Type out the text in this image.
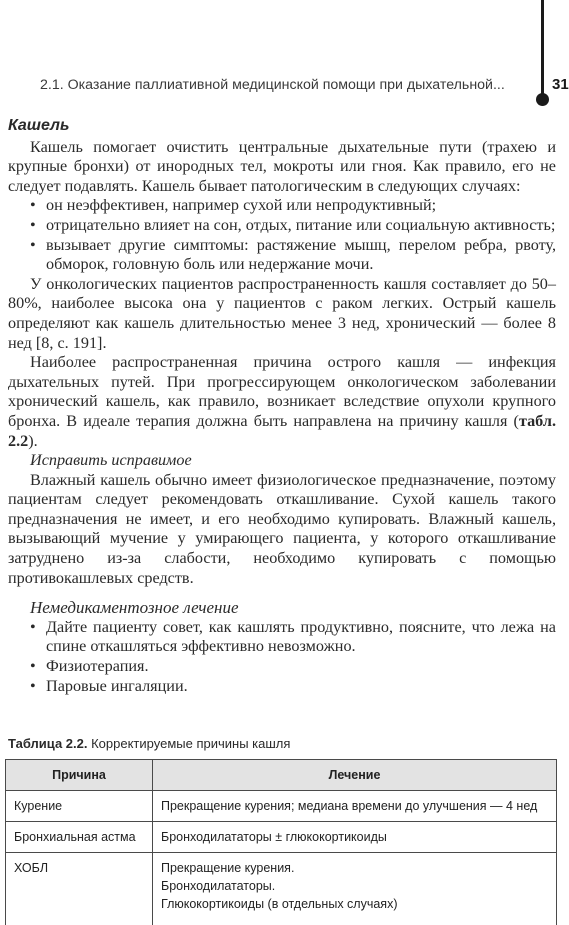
2.1. Оказание паллиативной медицинской помощи при дыхательной...	31
Кашель

Кашель помогает очистить центральные дыхательные пути (трахею и крупные бронхи) от инородных тел, мокроты или гноя. Как правило, его не следует подавлять. Кашель бывает патологическим в следующих случаях:

• он неэффективен, например сухой или непродуктивный;
• отрицательно влияет на сон, отдых, питание или социальную активность;
• вызывает другие симптомы: растяжение мышц, перелом ребра, рвоту, обморок, головную боль или недержание мочи.

У онкологических пациентов распространенность кашля составляет до 50–80%, наиболее высока она у пациентов с раком легких. Острый кашель определяют как кашель длительностью менее 3 нед, хронический — более 8 нед [8, с. 191].

Наиболее распространенная причина острого кашля — инфекция дыхательных путей. При прогрессирующем онкологическом заболевании хронический кашель, как правило, возникает вследствие опухоли крупного бронха. В идеале терапия должна быть направлена на причину кашля (табл. 2.2).

Исправить исправимое

Влажный кашель обычно имеет физиологическое предназначение, поэтому пациентам следует рекомендовать откашливание. Сухой кашель такого предназначения не имеет, и его необходимо купировать. Влажный кашель, вызывающий мучение у умирающего пациента, у которого откашливание затруднено из-за слабости, необходимо купировать с помощью противокашлевых средств.

Немедикаментозное лечение

• Дайте пациенту совет, как кашлять продуктивно, поясните, что лежа на спине откашляться эффективно невозможно.
• Физиотерапия.
• Паровые ингаляции.
Таблица 2.2. Корректируемые причины кашля
Причина	Лечение
Курение	Прекращение курения; медиана времени до улучшения — 4 нед

Бронхиальная астма	Бронходилататоры ± глюкокортикоиды

ХОБЛ	Прекращение курения.
Бронходилататоры.
Глюкокортикоиды (в отдельных случаях)
